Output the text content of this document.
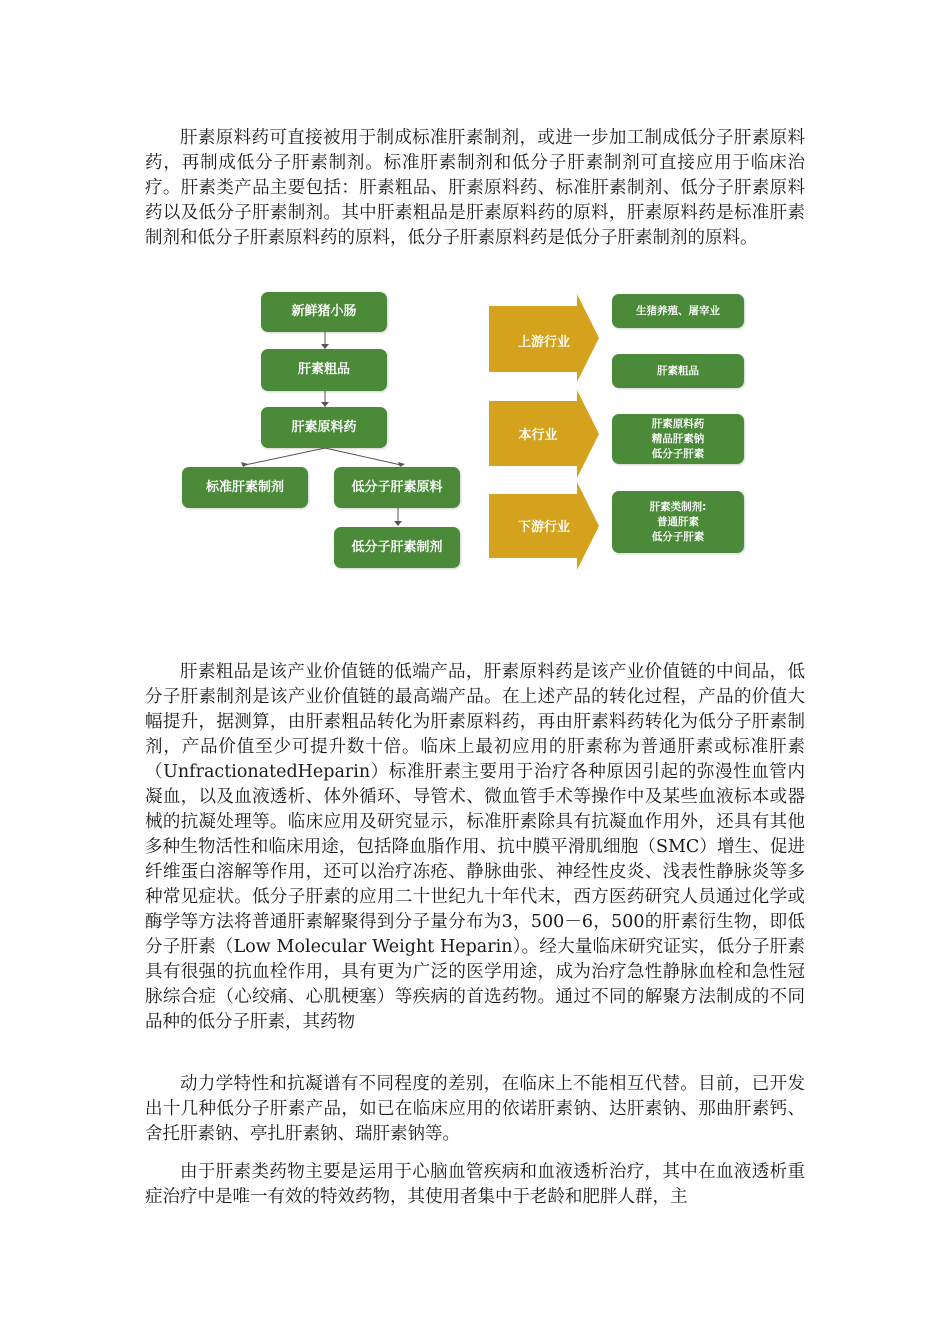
肝素原料药可直接被用于制成标准肝素制剂，或进一步加工制成低分子肝素原料药，再制成低分子肝素制剂。标准肝素制剂和低分子肝素制剂可直接应用于临床治疗。肝素类产品主要包括：肝素粗品、肝素原料药、标准肝素制剂、低分子肝素原料药以及低分子肝素制剂。其中肝素粗品是肝素原料药的原料，肝素原料药是标准肝素制剂和低分子肝素原料药的原料，低分子肝素原料药是低分子肝素制剂的原料。

新鲜猪小肠
肝素粗品
肝素原料药
标准肝素制剂	低分子肝素原料
低分子肝素制剂
上游行业
本行业
下游行业
生猪养殖、屠宰业
肝素粗品
肝素原料药
精品肝素钠
低分子肝素
肝素类制剂:
普通肝素
低分子肝素

肝素粗品是该产业价值链的低端产品，肝素原料药是该产业价值链的中间品，低分子肝素制剂是该产业价值链的最高端产品。在上述产品的转化过程，产品的价值大幅提升，据测算，由肝素粗品转化为肝素原料药，再由肝素料药转化为低分子肝素制剂，产品价值至少可提升数十倍。临床上最初应用的肝素称为普通肝素或标准肝素（UnfractionatedHeparin）标准肝素主要用于治疗各种原因引起的弥漫性血管内凝血，以及血液透析、体外循环、导管术、微血管手术等操作中及某些血液标本或器械的抗凝处理等。临床应用及研究显示，标准肝素除具有抗凝血作用外，还具有其他多种生物活性和临床用途，包括降血脂作用、抗中膜平滑肌细胞（SMC）增生、促进纤维蛋白溶解等作用，还可以治疗冻疮、静脉曲张、神经性皮炎、浅表性静脉炎等多种常见症状。低分子肝素的应用二十世纪九十年代末，西方医药研究人员通过化学或酶学等方法将普通肝素解聚得到分子量分布为3，500－6，500的肝素衍生物，即低分子肝素（Low Molecular Weight Heparin）。经大量临床研究证实，低分子肝素具有很强的抗血栓作用，具有更为广泛的医学用途，成为治疗急性静脉血栓和急性冠脉综合症（心绞痛、心肌梗塞）等疾病的首选药物。通过不同的解聚方法制成的不同品种的低分子肝素，其药物

动力学特性和抗凝谱有不同程度的差别，在临床上不能相互代替。目前，已开发出十几种低分子肝素产品，如已在临床应用的依诺肝素钠、达肝素钠、那曲肝素钙、舍托肝素钠、亭扎肝素钠、瑞肝素钠等。

由于肝素类药物主要是运用于心脑血管疾病和血液透析治疗，其中在血液透析重症治疗中是唯一有效的特效药物，其使用者集中于老龄和肥胖人群，主
